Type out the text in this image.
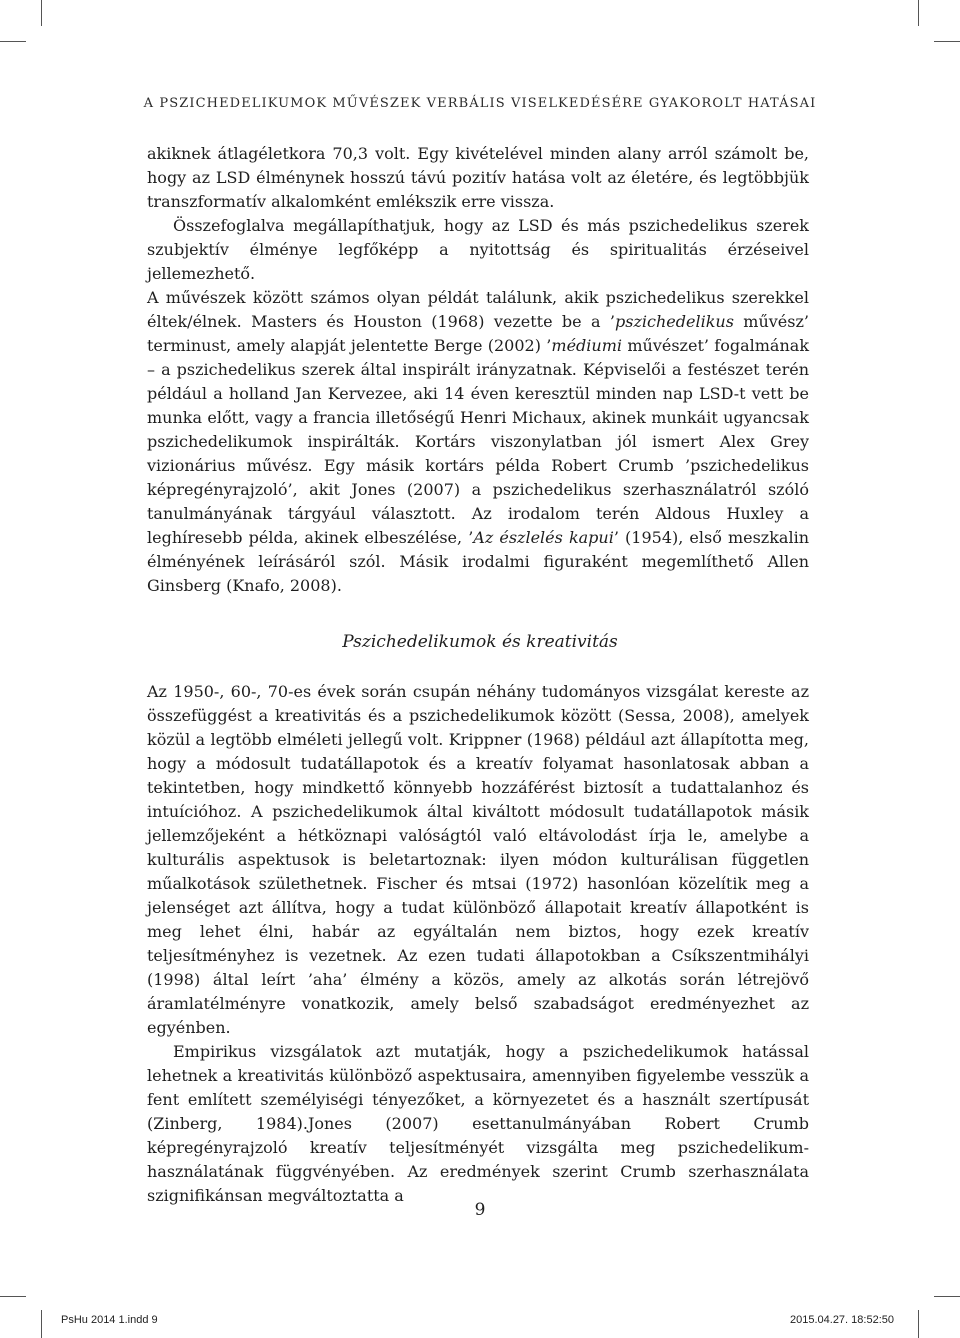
A PSZICHEDELIKUMOK MŰVÉSZEK VERBÁLIS VISELKEDÉSÉRE GYAKOROLT HATÁSAI

akiknek átlagéletkora 70,3 volt. Egy kivételével minden alany arról számolt be, hogy az LSD élménynek hosszú távú pozitív hatása volt az életére, és legtöbbjük transzformatív alkalomként emlékszik erre vissza.

Összefoglalva megállapíthatjuk, hogy az LSD és más pszichedelikus szerek szubjektív élménye legfőképp a nyitottság és spiritualitás érzéseivel jellemezhető.

A művészek között számos olyan példát találunk, akik pszichedelikus szerekkel éltek/élnek. Masters és Houston (1968) vezette be a ’pszichedelikus művész’ terminust, amely alapját jelentette Berge (2002) ’médiumi művészet’ fogalmának – a pszichedelikus szerek által inspirált irányzatnak. Képviselői a festészet terén például a holland Jan Kervezee, aki 14 éven keresztül minden nap LSD-t vett be munka előtt, vagy a francia illetőségű Henri Michaux, akinek munkáit ugyancsak pszichedelikumok inspirálták. Kortárs viszonylatban jól ismert Alex Grey vizionárius művész. Egy másik kortárs példa Robert Crumb ’pszichedelikus képregényrajzoló’, akit Jones (2007) a pszichedelikus szerhasználatról szóló tanulmányának tárgyául választott. Az irodalom terén Aldous Huxley a leghíresebb példa, akinek elbeszélése, ’Az észlelés kapui’ (1954), első meszkalin élményének leírásáról szól. Másik irodalmi figuraként megemlíthető Allen Ginsberg (Knafo, 2008).

Pszichedelikumok és kreativitás

Az 1950-, 60-, 70-es évek során csupán néhány tudományos vizsgálat kereste az összefüggést a kreativitás és a pszichedelikumok között (Sessa, 2008), amelyek közül a legtöbb elméleti jellegű volt. Krippner (1968) például azt állapította meg, hogy a módosult tudatállapotok és a kreatív folyamat hasonlatosak abban a tekintetben, hogy mindkettő könnyebb hozzáférést biztosít a tudattalanhoz és intuícióhoz. A pszichedelikumok által kiváltott módosult tudatállapotok másik jellemzőjeként a hétköznapi valóságtól való eltávolodást írja le, amelybe a kulturális aspektusok is beletartoznak: ilyen módon kulturálisan független műalkotások születhetnek. Fischer és mtsai (1972) hasonlóan közelítik meg a jelenséget azt állítva, hogy a tudat különböző állapotait kreatív állapotként is meg lehet élni, habár az egyáltalán nem biztos, hogy ezek kreatív teljesítményhez is vezetnek. Az ezen tudati állapotokban a Csíkszentmihályi (1998) által leírt ’aha’ élmény a közös, amely az alkotás során létrejövő áramlatélményre vonatkozik, amely belső szabadságot eredményezhet az egyénben.

Empirikus vizsgálatok azt mutatják, hogy a pszichedelikumok hatással lehetnek a kreativitás különböző aspektusaira, amennyiben figyelembe vesszük a fent említett személyiségi tényezőket, a környezetet és a használt szertípusát (Zinberg, 1984).Jones (2007) esettanulmányában Robert Crumb képregényrajzoló kreatív teljesítményét vizsgálta meg pszichedelikum-használatának függvényében. Az eredmények szerint Crumb szerhasználata szignifikánsan megváltoztatta a

9
PsHu 2014 1.indd 9	2015.04.27. 18:52:50
